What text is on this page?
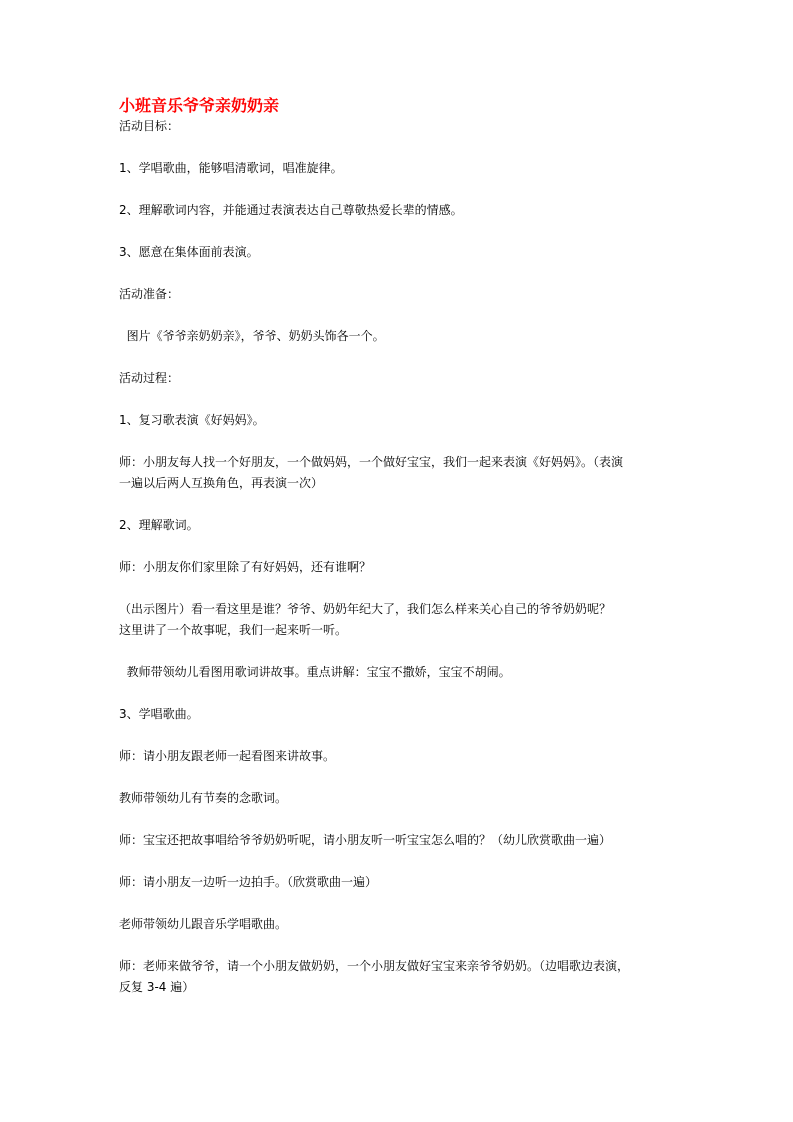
小班音乐爷爷亲奶奶亲

活动目标：

1、学唱歌曲，能够唱清歌词，唱准旋律。

2、理解歌词内容，并能通过表演表达自己尊敬热爱长辈的情感。

3、愿意在集体面前表演。

活动准备：

图片《爷爷亲奶奶亲》，爷爷、奶奶头饰各一个。

活动过程：

1、复习歌表演《好妈妈》。

师：小朋友每人找一个好朋友，一个做妈妈，一个做好宝宝，我们一起来表演《好妈妈》。（表演

一遍以后两人互换角色，再表演一次）

2、理解歌词。

师：小朋友你们家里除了有好妈妈，还有谁啊？

（出示图片）看一看这里是谁？爷爷、奶奶年纪大了，我们怎么样来关心自己的爷爷奶奶呢？

这里讲了一个故事呢，我们一起来听一听。

教师带领幼儿看图用歌词讲故事。重点讲解：宝宝不撒娇，宝宝不胡闹。

3、学唱歌曲。

师：请小朋友跟老师一起看图来讲故事。

教师带领幼儿有节奏的念歌词。

师：宝宝还把故事唱给爷爷奶奶听呢，请小朋友听一听宝宝怎么唱的？（幼儿欣赏歌曲一遍）

师：请小朋友一边听一边拍手。（欣赏歌曲一遍）

老师带领幼儿跟音乐学唱歌曲。

师：老师来做爷爷，请一个小朋友做奶奶，一个小朋友做好宝宝来亲爷爷奶奶。（边唱歌边表演，

反复 3-4 遍）
